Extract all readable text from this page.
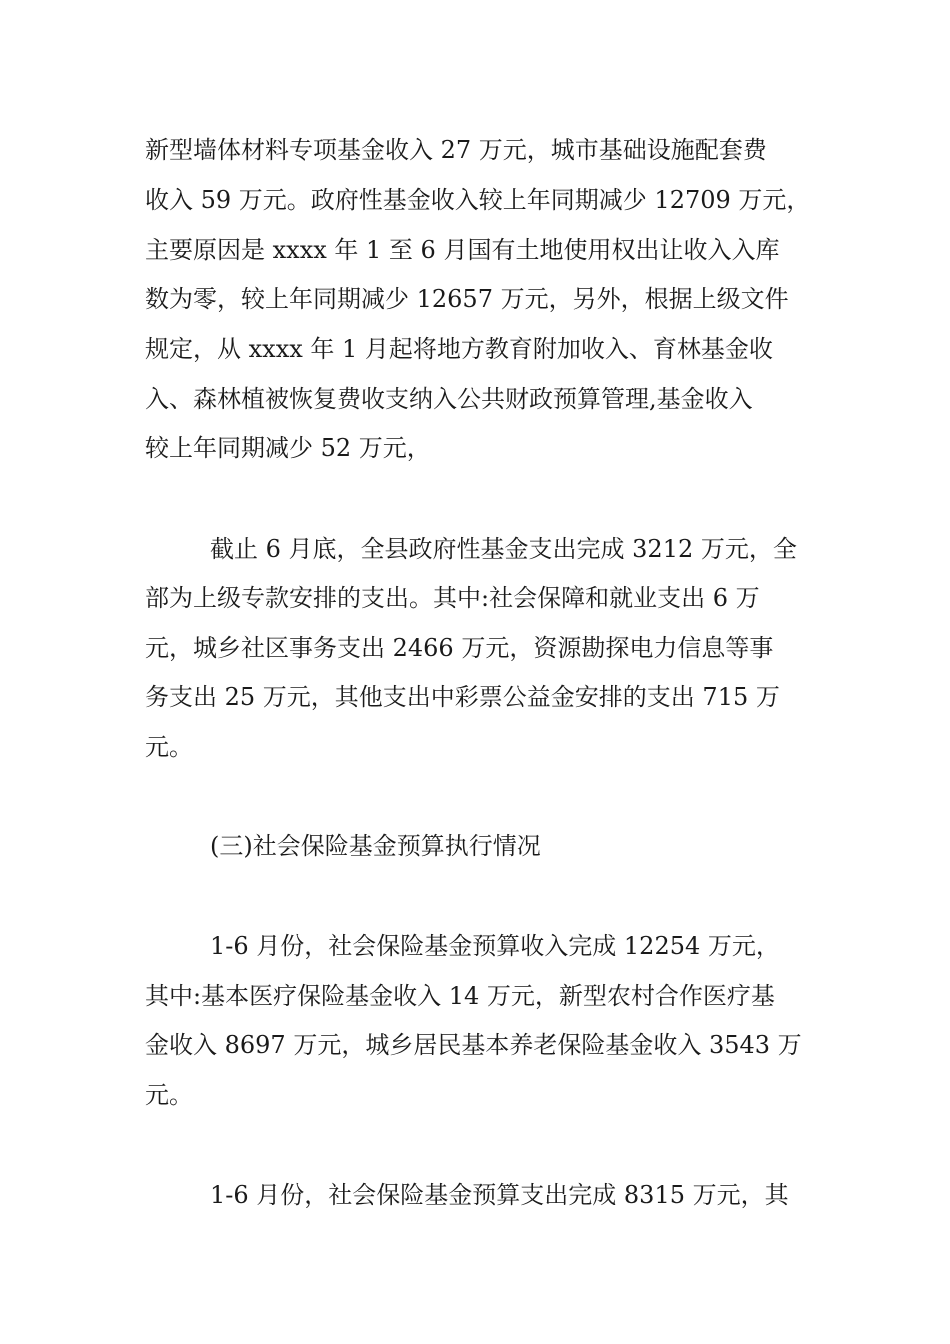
新型墙体材料专项基金收入 27 万元，城市基础设施配套费
收入 59 万元。政府性基金收入较上年同期减少 12709 万元，
主要原因是 xxxx 年 1 至 6 月国有土地使用权出让收入入库
数为零，较上年同期减少 12657 万元，另外，根据上级文件
规定，从 xxxx 年 1 月起将地方教育附加收入、育林基金收
入、森林植被恢复费收支纳入公共财政预算管理,基金收入
较上年同期减少 52 万元，
截止 6 月底，全县政府性基金支出完成 3212 万元，全
部为上级专款安排的支出。其中:社会保障和就业支出 6 万
元，城乡社区事务支出 2466 万元，资源勘探电力信息等事
务支出 25 万元，其他支出中彩票公益金安排的支出 715 万
元。
(三)社会保险基金预算执行情况
1-6 月份，社会保险基金预算收入完成 12254 万元，
其中:基本医疗保险基金收入 14 万元，新型农村合作医疗基
金收入 8697 万元，城乡居民基本养老保险基金收入 3543 万
元。
1-6 月份，社会保险基金预算支出完成 8315 万元，其
